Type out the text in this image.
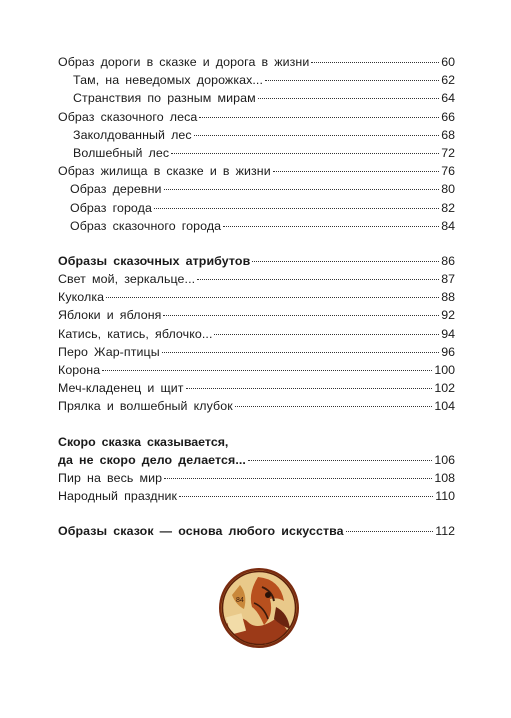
Образ дороги в сказке и дорога в жизни	60
Там, на неведомых дорожках...	62
Странствия по разным мирам	64
Образ сказочного леса	66
Заколдованный лес	68
Волшебный лес	72
Образ жилища в сказке и в жизни	76
Образ деревни	80
Образ города	82
Образ сказочного города	84
Образы сказочных атрибутов	86
Свет мой, зеркальце...	87
Куколка	88
Яблоки и яблоня	92
Катись, катись, яблочко...	94
Перо Жар-птицы	96
Корона	100
Меч-кладенец и щит	102
Прялка и волшебный клубок	104
Скоро сказка сказывается,
да не скоро дело делается...	106
Пир на весь мир	108
Народный праздник	110
Образы сказок — основа любого искусства	112
84
